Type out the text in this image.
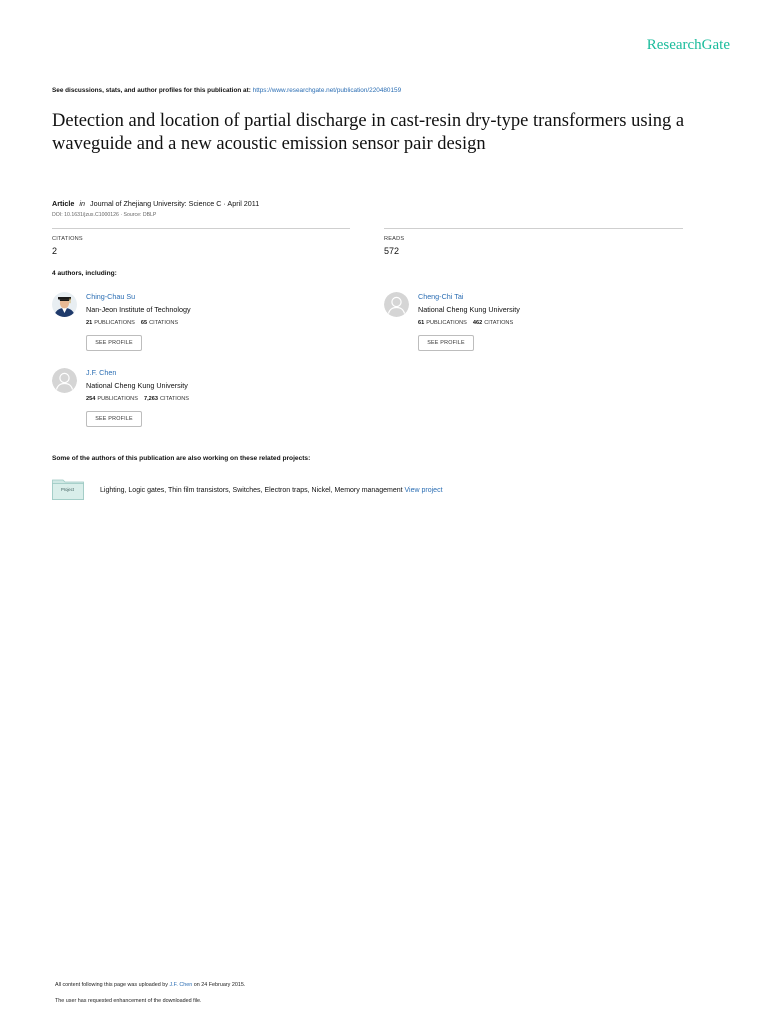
ResearchGate
See discussions, stats, and author profiles for this publication at: https://www.researchgate.net/publication/220480159
Detection and location of partial discharge in cast-resin dry-type transformers using a waveguide and a new acoustic emission sensor pair design
Article in Journal of Zhejiang University: Science C · April 2011
DOI: 10.1631/jzus.C1000126 · Source: DBLP
CITATIONS
2
READS
572
4 authors, including:
Ching-Chau Su
Nan-Jeon Institute of Technology
21 PUBLICATIONS 65 CITATIONS
SEE PROFILE
Cheng-Chi Tai
National Cheng Kung University
61 PUBLICATIONS 462 CITATIONS
SEE PROFILE
J.F. Chen
National Cheng Kung University
254 PUBLICATIONS 7,263 CITATIONS
SEE PROFILE
Some of the authors of this publication are also working on these related projects:
Project	Lighting, Logic gates, Thin film transistors, Switches, Electron traps, Nickel, Memory management View project
All content following this page was uploaded by J.F. Chen on 24 February 2015.
The user has requested enhancement of the downloaded file.
